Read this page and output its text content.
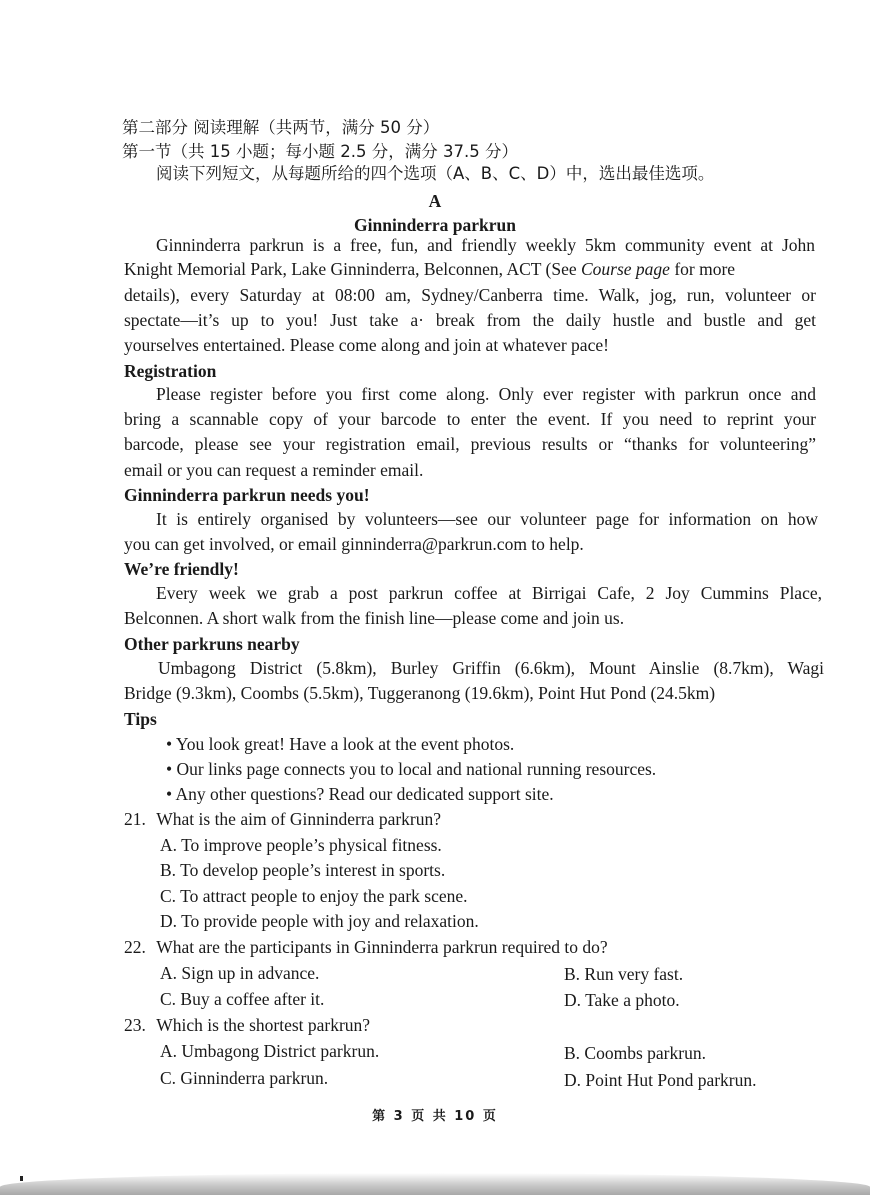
第二部分 阅读理解（共两节，满分 50 分）
第一节（共 15 小题；每小题 2.5 分，满分 37.5 分）
阅读下列短文，从每题所给的四个选项（A、B、C、D）中，选出最佳选项。
A
Ginninderra parkrun
Ginninderra parkrun is a free, fun, and friendly weekly 5km community event at John
Knight Memorial Park, Lake Ginninderra, Belconnen, ACT (See Course page for more
details), every Saturday at 08:00 am, Sydney/Canberra time. Walk, jog, run, volunteer or
spectate—it’s up to you! Just take a· break from the daily hustle and bustle and get
yourselves entertained. Please come along and join at whatever pace!
Registration
Please register before you first come along. Only ever register with parkrun once and
bring a scannable copy of your barcode to enter the event. If you need to reprint your
barcode, please see your registration email, previous results or “thanks for volunteering”
email or you can request a reminder email.
Ginninderra parkrun needs you!
It is entirely organised by volunteers—see our volunteer page for information on how
you can get involved, or email ginninderra@parkrun.com to help.
We’re friendly!
Every week we grab a post parkrun coffee at Birrigai Cafe, 2 Joy Cummins Place,
Belconnen. A short walk from the finish line—please come and join us.
Other parkruns nearby
Umbagong District (5.8km), Burley Griffin (6.6km), Mount Ainslie (8.7km), Wagi
Bridge (9.3km), Coombs (5.5km), Tuggeranong (19.6km), Point Hut Pond (24.5km)
Tips
• You look great! Have a look at the event photos.
• Our links page connects you to local and national running resources.
• Any other questions? Read our dedicated support site.
21. What is the aim of Ginninderra parkrun?
A. To improve people’s physical fitness.
B. To develop people’s interest in sports.
C. To attract people to enjoy the park scene.
D. To provide people with joy and relaxation.
22. What are the participants in Ginninderra parkrun required to do?
A. Sign up in advance.	B. Run very fast.
C. Buy a coffee after it.	D. Take a photo.
23. Which is the shortest parkrun?
A. Umbagong District parkrun.	B. Coombs parkrun.
C. Ginninderra parkrun.	D. Point Hut Pond parkrun.
第 3 页 共 10 页
